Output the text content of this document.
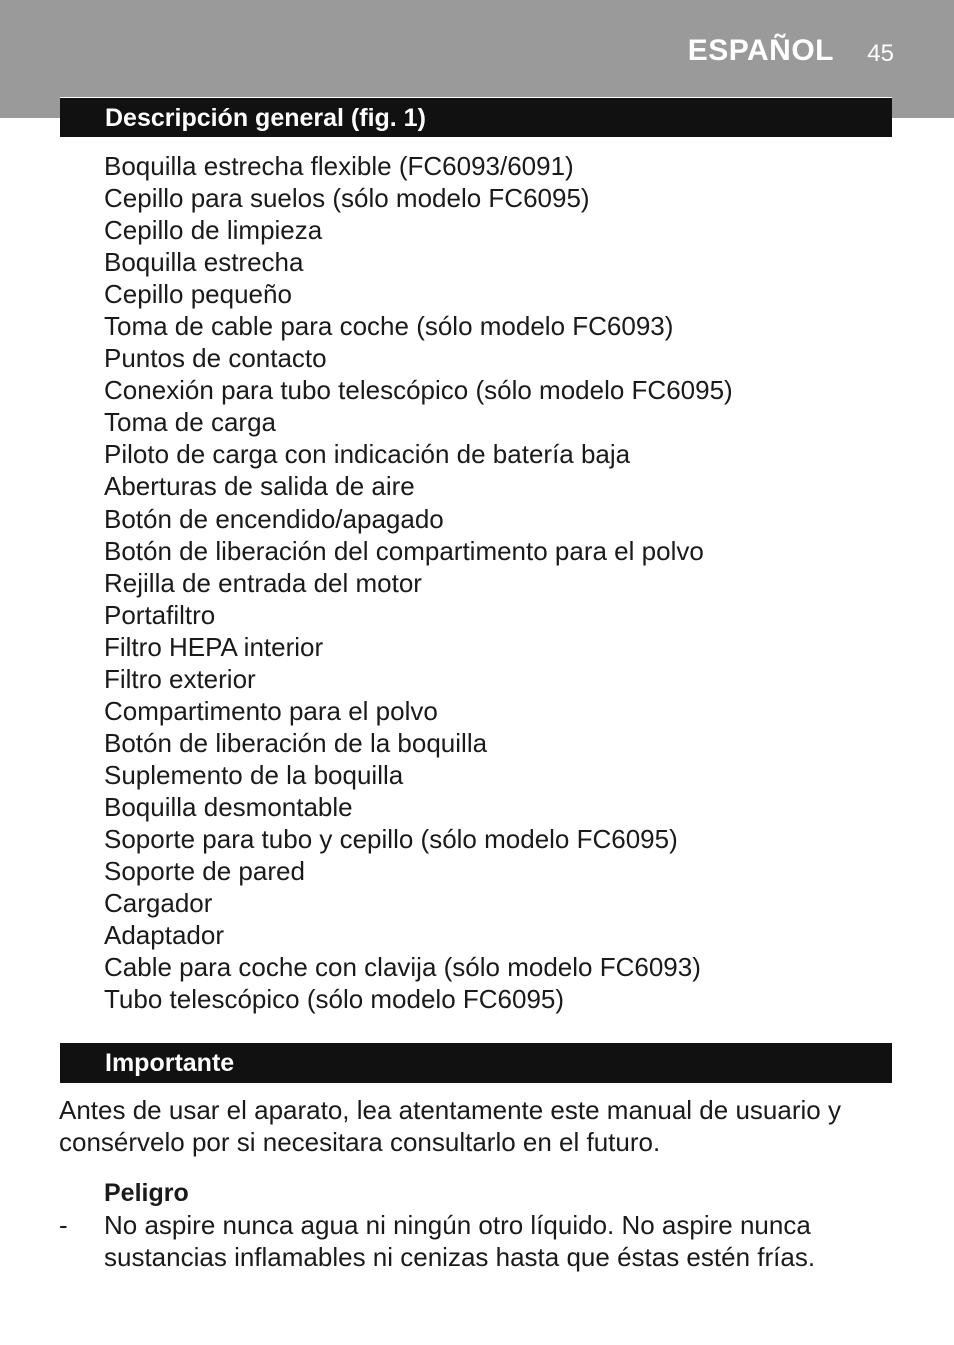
ESPAÑOL 45
Descripción general (fig. 1)
Boquilla estrecha flexible (FC6093/6091)
Cepillo para suelos (sólo modelo FC6095)
Cepillo de limpieza
Boquilla estrecha
Cepillo pequeño
Toma de cable para coche (sólo modelo FC6093)
Puntos de contacto
Conexión para tubo telescópico (sólo modelo FC6095)
Toma de carga
Piloto de carga con indicación de batería baja
Aberturas de salida de aire
Botón de encendido/apagado
Botón de liberación del compartimento para el polvo
Rejilla de entrada del motor
Portafiltro
Filtro HEPA interior
Filtro exterior
Compartimento para el polvo
Botón de liberación de la boquilla
Suplemento de la boquilla
Boquilla desmontable
Soporte para tubo y cepillo (sólo modelo FC6095)
Soporte de pared
Cargador
Adaptador
Cable para coche con clavija (sólo modelo FC6093)
Tubo telescópico (sólo modelo FC6095)
Importante
Antes de usar el aparato, lea atentamente este manual de usuario y consérvelo por si necesitara consultarlo en el futuro.
Peligro
- No aspire nunca agua ni ningún otro líquido. No aspire nunca sustancias inflamables ni cenizas hasta que éstas estén frías.
